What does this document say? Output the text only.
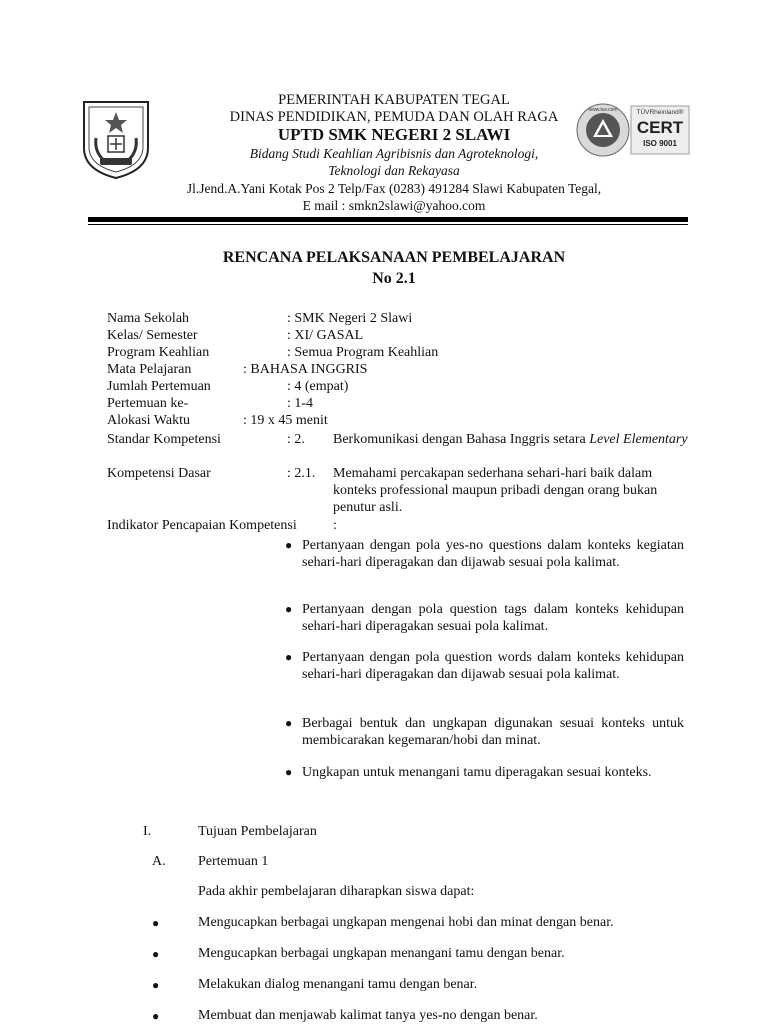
PEMERINTAH KABUPATEN TEGAL
DINAS PENDIDIKAN, PEMUDA DAN OLAH RAGA
UPTD SMK NEGERI 2 SLAWI
Bidang Studi Keahlian Agribisnis dan Agroteknologi,
Teknologi dan Rekayasa
Jl.Jend.A.Yani Kotak Pos 2 Telp/Fax (0283) 491284 Slawi Kabupaten Tegal,
E mail : smkn2slawi@yahoo.com
www.tuv.com	TÜVRheinland®
CERT
ISO 9001
RENCANA PELAKSANAAN PEMBELAJARAN
No 2.1
Nama Sekolah	: SMK Negeri 2 Slawi
Kelas/ Semester	: XI/ GASAL
Program Keahlian	: Semua Program Keahlian
Mata Pelajaran	: BAHASA INGGRIS
Jumlah Pertemuan	: 4 (empat)
Pertemuan ke-	: 1-4
Alokasi Waktu	: 19 x 45 menit
Standar Kompetensi	: 2. Berkomunikasi dengan Bahasa Inggris setara Level Elementary
Kompetensi Dasar	: 2.1. Memahami percakapan sederhana sehari-hari baik dalam konteks professional maupun pribadi dengan orang bukan penutur asli.
Indikator Pencapaian Kompetensi	:
● Pertanyaan dengan pola yes-no questions dalam konteks kegiatan sehari-hari diperagakan dan dijawab sesuai pola kalimat.
● Pertanyaan dengan pola question tags dalam konteks kehidupan sehari-hari diperagakan sesuai pola kalimat.
● Pertanyaan dengan pola question words dalam konteks kehidupan sehari-hari diperagakan dan dijawab sesuai pola kalimat.
● Berbagai bentuk dan ungkapan digunakan sesuai konteks untuk membicarakan kegemaran/hobi dan minat.
● Ungkapan untuk menangani tamu diperagakan sesuai konteks.
I.	Tujuan Pembelajaran
A. Pertemuan 1
Pada akhir pembelajaran diharapkan siswa dapat:
●	Mengucapkan berbagai ungkapan mengenai hobi dan minat dengan benar.
●	Mengucapkan berbagai ungkapan menangani tamu dengan benar.
●	Melakukan dialog menangani tamu dengan benar.
●	Membuat dan menjawab kalimat tanya yes-no dengan benar.
